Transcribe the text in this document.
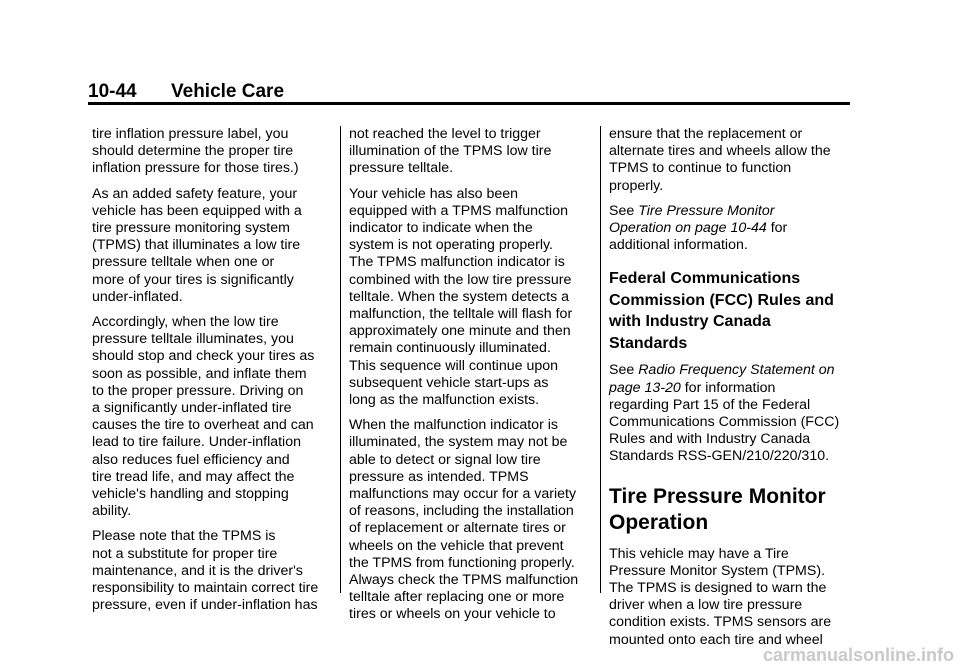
10-44 Vehicle Care
tire inflation pressure label, you
should determine the proper tire
inflation pressure for those tires.)
As an added safety feature, your
vehicle has been equipped with a
tire pressure monitoring system
(TPMS) that illuminates a low tire
pressure telltale when one or
more of your tires is significantly
under-inflated.
Accordingly, when the low tire
pressure telltale illuminates, you
should stop and check your tires as
soon as possible, and inflate them
to the proper pressure. Driving on
a significantly under-inflated tire
causes the tire to overheat and can
lead to tire failure. Under-inflation
also reduces fuel efficiency and
tire tread life, and may affect the
vehicle's handling and stopping
ability.
Please note that the TPMS is
not a substitute for proper tire
maintenance, and it is the driver's
responsibility to maintain correct tire
pressure, even if under-inflation has
not reached the level to trigger
illumination of the TPMS low tire
pressure telltale.
Your vehicle has also been
equipped with a TPMS malfunction
indicator to indicate when the
system is not operating properly.
The TPMS malfunction indicator is
combined with the low tire pressure
telltale. When the system detects a
malfunction, the telltale will flash for
approximately one minute and then
remain continuously illuminated.
This sequence will continue upon
subsequent vehicle start-ups as
long as the malfunction exists.
When the malfunction indicator is
illuminated, the system may not be
able to detect or signal low tire
pressure as intended. TPMS
malfunctions may occur for a variety
of reasons, including the installation
of replacement or alternate tires or
wheels on the vehicle that prevent
the TPMS from functioning properly.
Always check the TPMS malfunction
telltale after replacing one or more
tires or wheels on your vehicle to
ensure that the replacement or
alternate tires and wheels allow the
TPMS to continue to function
properly.
See Tire Pressure Monitor
Operation on page 10-44 for
additional information.
Federal Communications
Commission (FCC) Rules and
with Industry Canada
Standards
See Radio Frequency Statement on
page 13-20 for information
regarding Part 15 of the Federal
Communications Commission (FCC)
Rules and with Industry Canada
Standards RSS-GEN/210/220/310.
Tire Pressure Monitor
Operation
This vehicle may have a Tire
Pressure Monitor System (TPMS).
The TPMS is designed to warn the
driver when a low tire pressure
condition exists. TPMS sensors are
mounted onto each tire and wheel
carmanualsonline.info
